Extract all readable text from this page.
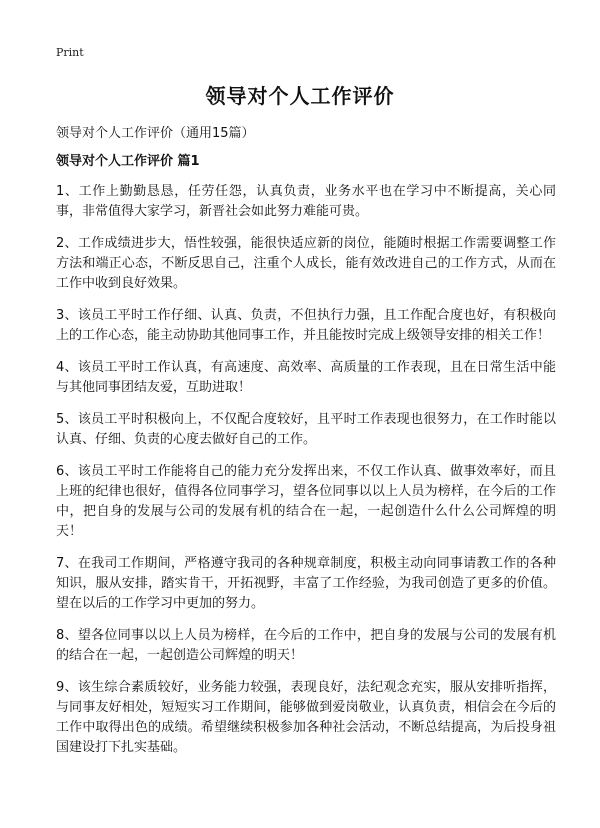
Print
领导对个人工作评价
领导对个人工作评价（通用15篇）
领导对个人工作评价 篇1

1、工作上勤勤恳恳，任劳任怨，认真负责，业务水平也在学习中不断提高，关心同事，非常值得大家学习，新晋社会如此努力难能可贵。

2、工作成绩进步大，悟性较强，能很快适应新的岗位，能随时根据工作需要调整工作方法和端正心态，不断反思自己，注重个人成长，能有效改进自己的工作方式，从而在工作中收到良好效果。

3、该员工平时工作仔细、认真、负责，不但执行力强，且工作配合度也好，有积极向上的工作心态，能主动协助其他同事工作，并且能按时完成上级领导安排的相关工作！

4、该员工平时工作认真，有高速度、高效率、高质量的工作表现，且在日常生活中能与其他同事团结友爱，互助进取！

5、该员工平时积极向上，不仅配合度较好，且平时工作表现也很努力，在工作时能以认真、仔细、负责的心度去做好自己的工作。

6、该员工平时工作能将自己的能力充分发挥出来，不仅工作认真、做事效率好，而且上班的纪律也很好，值得各位同事学习，望各位同事以以上人员为榜样，在今后的工作中，把自身的发展与公司的发展有机的结合在一起，一起创造什么什么公司辉煌的明天！

7、在我司工作期间，严格遵守我司的各种规章制度，积极主动向同事请教工作的各种知识，服从安排，踏实肯干，开拓视野，丰富了工作经验，为我司创造了更多的价值。望在以后的工作学习中更加的努力。

8、望各位同事以以上人员为榜样，在今后的工作中，把自身的发展与公司的发展有机的结合在一起，一起创造公司辉煌的明天！

9、该生综合素质较好，业务能力较强，表现良好，法纪观念充实，服从安排听指挥，与同事友好相处，短短实习工作期间，能够做到爱岗敬业，认真负责，相信会在今后的工作中取得出色的成绩。希望继续积极参加各种社会活动，不断总结提高，为后投身祖国建设打下扎实基础。
